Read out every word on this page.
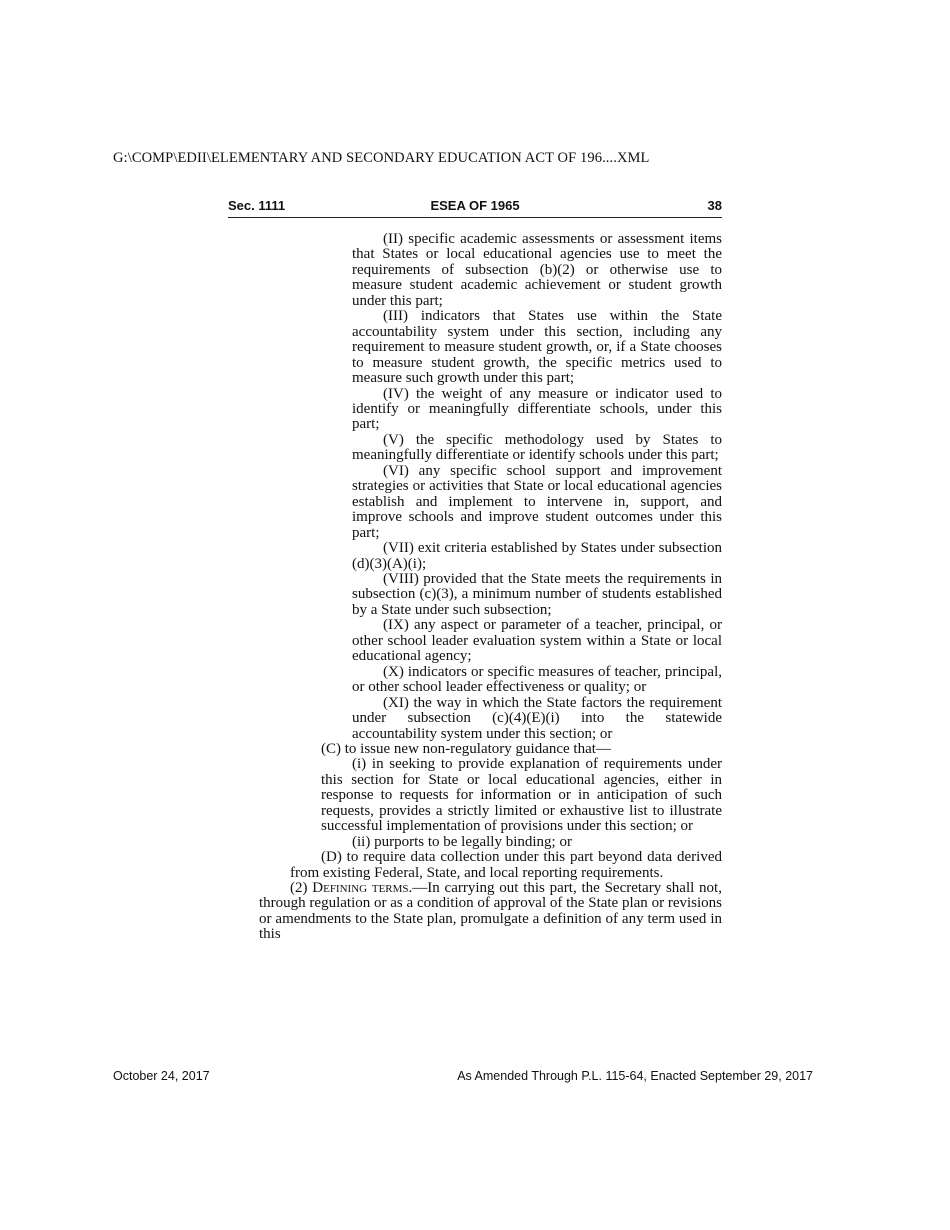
G:\COMP\EDII\ELEMENTARY AND SECONDARY EDUCATION ACT OF 196....XML
Sec. 1111	ESEA OF 1965	38

(II) specific academic assessments or assessment items that States or local educational agencies use to meet the requirements of subsection (b)(2) or otherwise use to measure student academic achievement or student growth under this part;

(III) indicators that States use within the State accountability system under this section, including any requirement to measure student growth, or, if a State chooses to measure student growth, the specific metrics used to measure such growth under this part;

(IV) the weight of any measure or indicator used to identify or meaningfully differentiate schools, under this part;

(V) the specific methodology used by States to meaningfully differentiate or identify schools under this part;

(VI) any specific school support and improvement strategies or activities that State or local educational agencies establish and implement to intervene in, support, and improve schools and improve student outcomes under this part;

(VII) exit criteria established by States under subsection (d)(3)(A)(i);

(VIII) provided that the State meets the requirements in subsection (c)(3), a minimum number of students established by a State under such subsection;

(IX) any aspect or parameter of a teacher, principal, or other school leader evaluation system within a State or local educational agency;

(X) indicators or specific measures of teacher, principal, or other school leader effectiveness or quality; or

(XI) the way in which the State factors the requirement under subsection (c)(4)(E)(i) into the statewide accountability system under this section; or

(C) to issue new non-regulatory guidance that—

(i) in seeking to provide explanation of requirements under this section for State or local educational agencies, either in response to requests for information or in anticipation of such requests, provides a strictly limited or exhaustive list to illustrate successful implementation of provisions under this section; or

(ii) purports to be legally binding; or

(D) to require data collection under this part beyond data derived from existing Federal, State, and local reporting requirements.

(2) Defining terms.—In carrying out this part, the Secretary shall not, through regulation or as a condition of approval of the State plan or revisions or amendments to the State plan, promulgate a definition of any term used in this

October 24, 2017	As Amended Through P.L. 115-64, Enacted September 29, 2017
